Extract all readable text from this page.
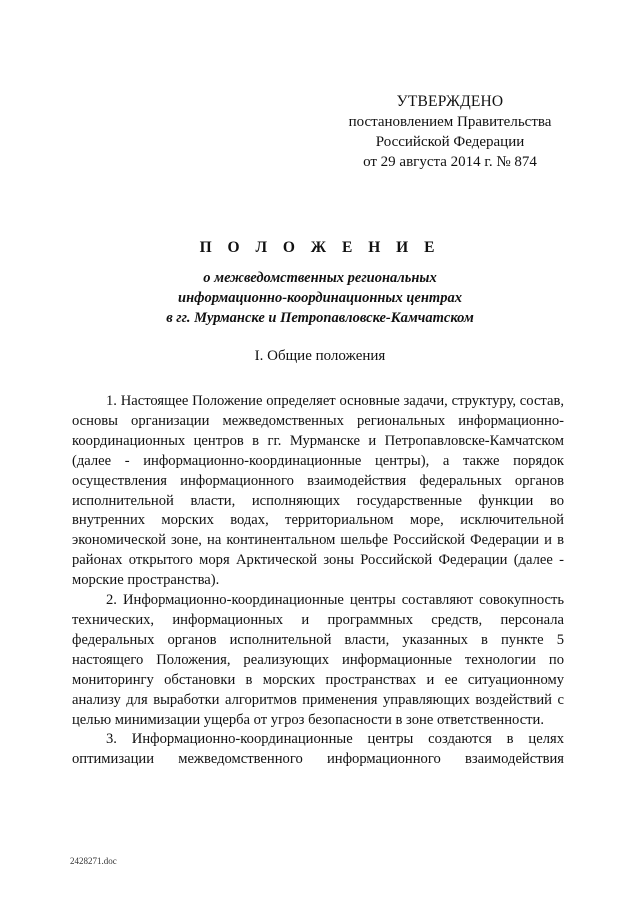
УТВЕРЖДЕНО
постановлением Правительства
Российской Федерации
от 29 августа 2014 г. № 874
П О Л О Ж Е Н И Е
о межведомственных региональных
информационно-координационных центрах
в гг. Мурманске и Петропавловске-Камчатском
I. Общие положения

1. Настоящее Положение определяет основные задачи, структуру, состав, основы организации межведомственных региональных информационно-координационных центров в гг. Мурманске и Петропавловске-Камчатском (далее - информационно-координационные центры), а также порядок осуществления информационного взаимодействия федеральных органов исполнительной власти, исполняющих государственные функции во внутренних морских водах, территориальном море, исключительной экономической зоне, на континентальном шельфе Российской Федерации и в районах открытого моря Арктической зоны Российской Федерации (далее - морские пространства).

2. Информационно-координационные центры составляют совокупность технических, информационных и программных средств, персонала федеральных органов исполнительной власти, указанных в пункте 5 настоящего Положения, реализующих информационные технологии по мониторингу обстановки в морских пространствах и ее ситуационному анализу для выработки алгоритмов применения управляющих воздействий с целью минимизации ущерба от угроз безопасности в зоне ответственности.

3. Информационно-координационные центры создаются в целях оптимизации межведомственного информационного взаимодействия

2428271.doc
